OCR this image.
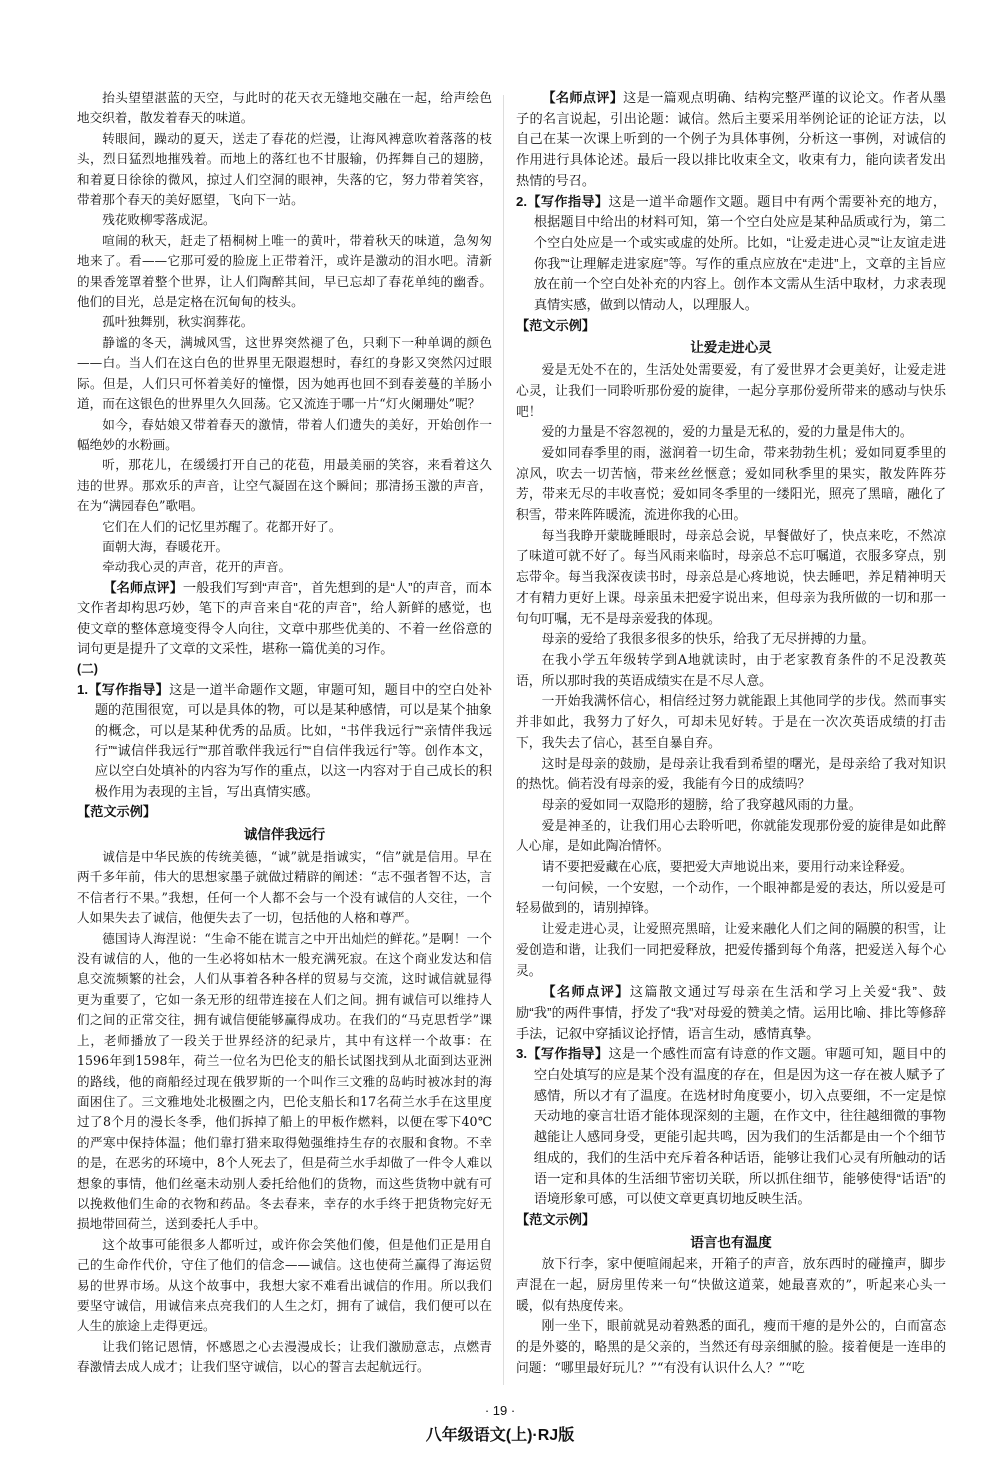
抬头望望湛蓝的天空，与此时的花天衣无缝地交融在一起，给声绘色地交织着，散发着春天的味道。

转眼间，躁动的夏天，送走了春花的烂漫，让海风裨意吹着落落的枝头，烈日猛烈地摧残着。而地上的落红也不甘服输，仍挥舞自己的翅膀，和着夏日徐徐的微风，掠过人们空洞的眼神，失落的它，努力带着笑容，带着那个春天的美好愿望，飞向下一站。

残花败柳零落成泥。

喧闹的秋天，赶走了梧桐树上唯一的黄叶，带着秋天的味道，急匆匆地来了。看——它那可爱的脸庞上正带着汗，或许是激动的泪水吧。清新的果香笼罩着整个世界，让人们陶醉其间，早已忘却了春花单纯的幽香。他们的目光，总是定格在沉甸甸的枝头。

孤叶独舞别，秋实润葬花。

静谧的冬天，满城风雪，这世界突然褪了色，只剩下一种单调的颜色——白。当人们在这白色的世界里无限遐想时，春红的身影又突然闪过眼际。但是，人们只可怀着美好的憧憬，因为她再也回不到春姜蔓的羊肠小道，而在这银色的世界里久久回荡。它又流连于哪一片“灯火阑珊处”呢？

如今，春姑娘又带着春天的激情，带着人们遗失的美好，开始创作一幅绝妙的水粉画。

听，那花儿，在缓缓打开自己的花苞，用最美丽的笑容，来看着这久违的世界。那欢乐的声音，让空气凝固在这个瞬间；那清扬玉激的声音，在为“满园春色”歌唱。

它们在人们的记忆里苏醒了。花都开好了。

面朝大海，春暖花开。

牵动我心灵的声音，花开的声音。

【名师点评】一般我们写到“声音”，首先想到的是“人”的声音，而本文作者却构思巧妙，笔下的声音来自“花的声音”，给人新鲜的感觉，也使文章的整体意境变得令人向往，文章中那些优美的、不着一丝俗意的词句更是提升了文章的文采性，堪称一篇优美的习作。

(二)

1.【写作指导】这是一道半命题作文题，审题可知，题目中的空白处补题的范围很宽，可以是具体的物，可以是某种感情，可以是某个抽象的概念，可以是某种优秀的品质。比如，“书伴我远行”“亲情伴我远行”“诚信伴我远行”“那首歌伴我远行”“自信伴我远行”等。创作本文，应以空白处填补的内容为写作的重点，以这一内容对于自己成长的积极作用为表现的主旨，写出真情实感。

【范文示例】

诚信伴我远行

诚信是中华民族的传统美德，“诚”就是指诚实，“信”就是信用。早在两千多年前，伟大的思想家墨子就做过精辟的阐述：“志不强者智不达，言不信者行不果。”我想，任何一个人都不会与一个没有诚信的人交往，一个人如果失去了诚信，他便失去了一切，包括他的人格和尊严。

德国诗人海涅说：“生命不能在谎言之中开出灿烂的鲜花。”是啊！一个没有诚信的人，他的一生必将如枯木一般充满死寂。在这个商业发达和信息交流频繁的社会，人们从事着各种各样的贸易与交流，这时诚信就显得更为重要了，它如一条无形的纽带连接在人们之间。拥有诚信可以维持人们之间的正常交往，拥有诚信便能够赢得成功。在我们的“马克思哲学”课上，老师播放了一段关于世界经济的纪录片，其中有这样一个故事：在1596年到1598年，荷兰一位名为巴伦支的船长试图找到从北面到达亚洲的路线，他的商船经过现在俄罗斯的一个叫作三文雅的岛屿时被冰封的海面困住了。三文雅地处北极圈之内，巴伦支船长和17名荷兰水手在这里度过了8个月的漫长冬季，他们拆掉了船上的甲板作燃料，以便在零下40℃的严寒中保持体温；他们靠打猎来取得勉强维持生存的衣服和食物。不幸的是，在恶劣的环境中，8个人死去了，但是荷兰水手却做了一件令人难以想象的事情，他们丝毫未动别人委托给他们的货物，而这些货物中就有可以挽救他们生命的衣物和药品。冬去春来，幸存的水手终于把货物完好无损地带回荷兰，送到委托人手中。

这个故事可能很多人都听过，或许你会笑他们傻，但是他们正是用自己的生命作代价，守住了他们的信念——诚信。这也使荷兰赢得了海运贸易的世界市场。从这个故事中，我想大家不难看出诚信的作用。所以我们要坚守诚信，用诚信来点亮我们的人生之灯，拥有了诚信，我们便可以在人生的旅途上走得更远。

让我们铭记恩情，怀感恩之心去漫漫成长；让我们激励意志，点燃青春激情去成人成才；让我们坚守诚信，以心的誓言去起航远行。

【名师点评】这是一篇观点明确、结构完整严谨的议论文。作者从墨子的名言说起，引出论题：诚信。然后主要采用举例论证的论证方法，以自己在某一次课上听到的一个例子为具体事例，分析这一事例，对诚信的作用进行具体论述。最后一段以排比收束全文，收束有力，能向读者发出热情的号召。

2.【写作指导】这是一道半命题作文题。题目中有两个需要补充的地方，根据题目中给出的材料可知，第一个空白处应是某种品质或行为，第二个空白处应是一个或实或虚的处所。比如，“让爱走进心灵”“让友谊走进你我”“让理解走进家庭”等。写作的重点应放在“走进”上，文章的主旨应放在前一个空白处补充的内容上。创作本文需从生活中取材，力求表现真情实感，做到以情动人，以理服人。

【范文示例】

让爱走进心灵

爱是无处不在的，生活处处需要爱，有了爱世界才会更美好，让爱走进心灵，让我们一同聆听那份爱的旋律，一起分享那份爱所带来的感动与快乐吧！

爱的力量是不容忽视的，爱的力量是无私的，爱的力量是伟大的。

爱如同春季里的雨，滋润着一切生命，带来勃勃生机；爱如同夏季里的凉风，吹去一切苦恼，带来丝丝惬意；爱如同秋季里的果实，散发阵阵芬芳，带来无尽的丰收喜悦；爱如同冬季里的一缕阳光，照亮了黑暗，融化了积雪，带来阵阵暖流，流进你我的心田。

每当我睁开蒙眬睡眼时，母亲总会说，早餐做好了，快点来吃，不然凉了味道可就不好了。每当风雨来临时，母亲总不忘叮嘱道，衣服多穿点，别忘带伞。每当我深夜读书时，母亲总是心疼地说，快去睡吧，养足精神明天才有精力更好上课。母亲虽未把爱字说出来，但母亲为我所做的一切和那一句句叮嘱，无不是母亲爱我的体现。

母亲的爱给了我很多很多的快乐，给我了无尽拼搏的力量。

在我小学五年级转学到A地就读时，由于老家教育条件的不足没教英语，所以那时我的英语成绩实在是不尽人意。

一开始我满怀信心，相信经过努力就能跟上其他同学的步伐。然而事实并非如此，我努力了好久，可却未见好转。于是在一次次英语成绩的打击下，我失去了信心，甚至自暴自弃。

这时是母亲的鼓励，是母亲让我看到希望的曙光，是母亲给了我对知识的热忱。倘若没有母亲的爱，我能有今日的成绩吗？

母亲的爱如同一双隐形的翅膀，给了我穿越风雨的力量。

爱是神圣的，让我们用心去聆听吧，你就能发现那份爱的旋律是如此醉人心扉，是如此陶冶情怀。

请不要把爱藏在心底，要把爱大声地说出来，要用行动来诠释爱。

一句问候，一个安慰，一个动作，一个眼神都是爱的表达，所以爱是可轻易做到的，请别掉锋。

让爱走进心灵，让爱照亮黑暗，让爱来融化人们之间的隔膜的积雪，让爱创造和谐，让我们一同把爱释放，把爱传播到每个角落，把爱送入每个心灵。

【名师点评】这篇散文通过写母亲在生活和学习上关爱“我”、鼓励“我”的两件事情，抒发了“我”对母爱的赞美之情。运用比喻、排比等修辞手法，记叙中穿插议论抒情，语言生动，感情真挚。

3.【写作指导】这是一个感性而富有诗意的作文题。审题可知，题目中的空白处填写的应是某个没有温度的存在，但是因为这一存在被人赋予了感情，所以才有了温度。在选材时角度要小，切入点要细，不一定是惊天动地的豪言壮语才能体现深刻的主题，在作文中，往往越细微的事物越能让人感同身受，更能引起共鸣，因为我们的生活都是由一个个细节组成的，我们的生活中充斥着各种话语，能够让我们心灵有所触动的话语一定和具体的生活细节密切关联，所以抓住细节，能够使得“话语”的语境形象可感，可以使文章更真切地反映生活。

【范文示例】

语言也有温度

放下行李，家中便喧闹起来，开箱子的声音，放东西时的碰撞声，脚步声混在一起，厨房里传来一句“快做这道菜，她最喜欢的”，听起来心头一暖，似有热度传来。

刚一坐下，眼前就晃动着熟悉的面孔，瘦而干瘪的是外公的，白而富态的是外婆的，略黑的是父亲的，当然还有母亲细腻的脸。接着便是一连串的问题：“哪里最好玩儿？”“有没有认识什么人？”“吃

· 19 ·
八年级语文(上)·RJ版
